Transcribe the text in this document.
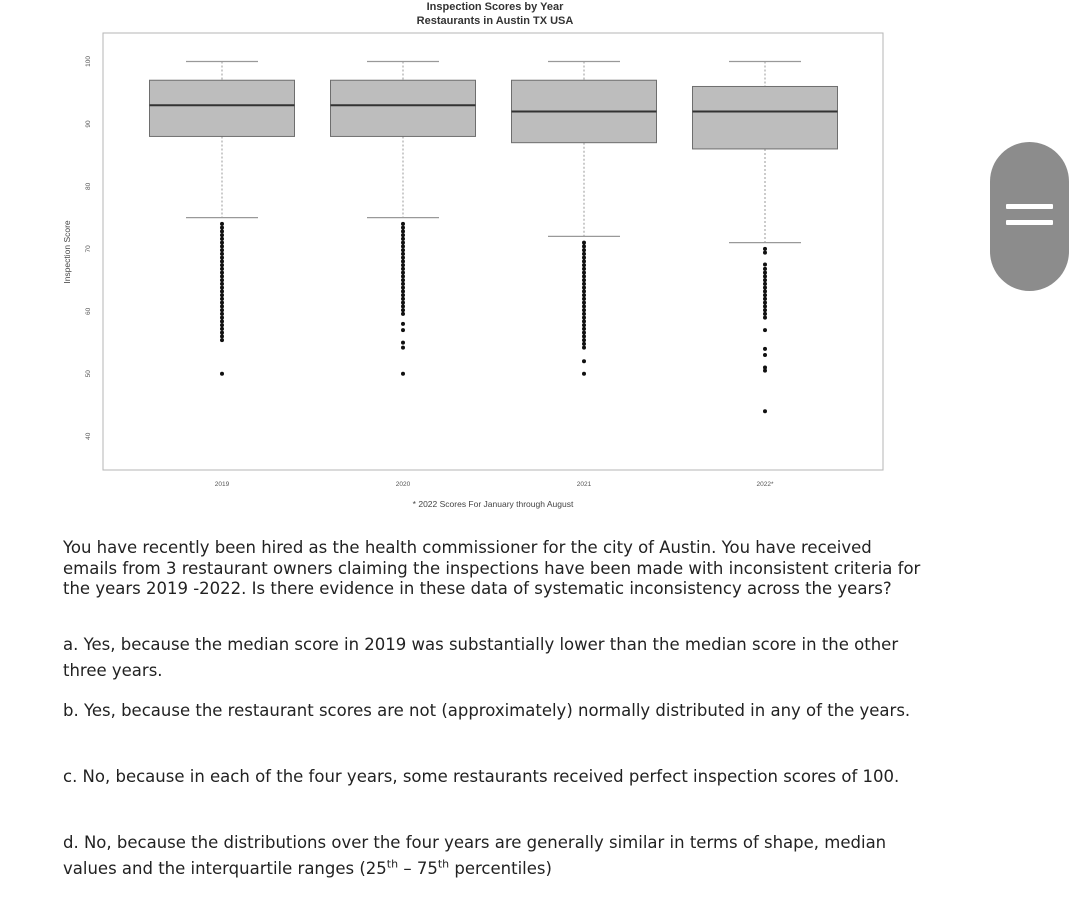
Inspection Scores by Year
Restaurants in Austin TX USA
Inspection Score
40
50
60
70
80
90
100
2019	2020	2021	2022*
* 2022 Scores For January through August
You have recently been hired as the health commissioner for the city of Austin. You have received emails from 3 restaurant owners claiming the inspections have been made with inconsistent criteria for the years 2019 -2022. Is there evidence in these data of systematic inconsistency across the years?
a. Yes, because the median score in 2019 was substantially lower than the median score in the other three years.
b. Yes, because the restaurant scores are not (approximately) normally distributed in any of the years.
c. No, because in each of the four years, some restaurants received perfect inspection scores of 100.
d. No, because the distributions over the four years are generally similar in terms of shape, median values and the interquartile ranges (25th – 75th percentiles)
